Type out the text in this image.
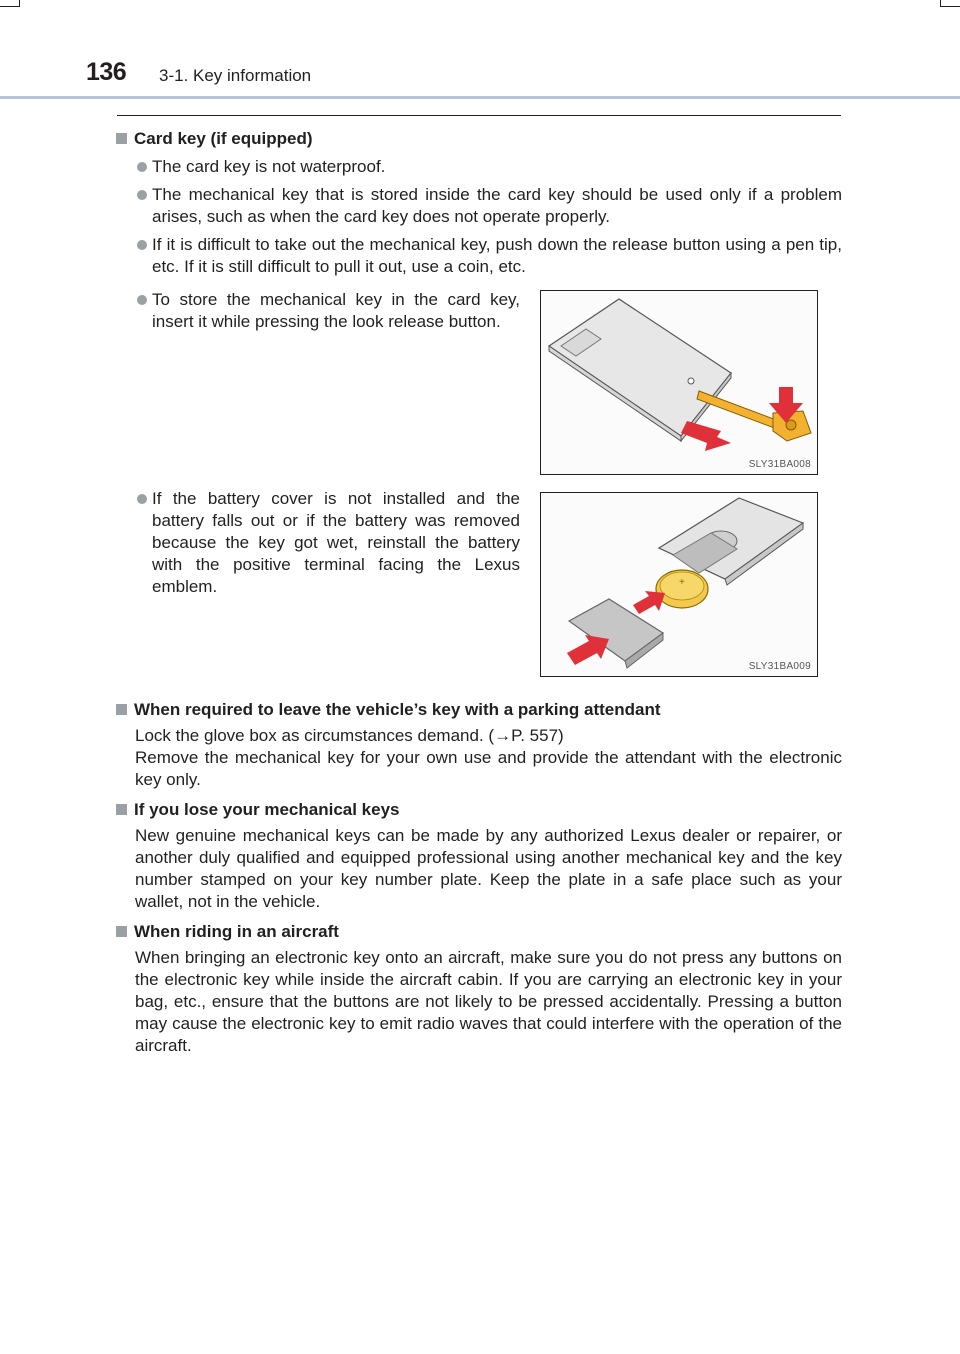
136 3-1. Key information
Card key (if equipped)
The card key is not waterproof.
The mechanical key that is stored inside the card key should be used only if a problem arises, such as when the card key does not operate properly.
If it is difficult to take out the mechanical key, push down the release button using a pen tip, etc. If it is still difficult to pull it out, use a coin, etc.
To store the mechanical key in the card key, insert it while pressing the look release button.
SLY31BA008
If the battery cover is not installed and the battery falls out or if the battery was removed because the key got wet, reinstall the battery with the positive terminal facing the Lexus emblem.	+
SLY31BA009
When required to leave the vehicle’s key with a parking attendant
Lock the glove box as circumstances demand. (→P. 557)
Remove the mechanical key for your own use and provide the attendant with the electronic key only.
If you lose your mechanical keys
New genuine mechanical keys can be made by any authorized Lexus dealer or repairer, or another duly qualified and equipped professional using another mechanical key and the key number stamped on your key number plate. Keep the plate in a safe place such as your wallet, not in the vehicle.
When riding in an aircraft
When bringing an electronic key onto an aircraft, make sure you do not press any buttons on the electronic key while inside the aircraft cabin. If you are carrying an electronic key in your bag, etc., ensure that the buttons are not likely to be pressed accidentally. Pressing a button may cause the electronic key to emit radio waves that could interfere with the operation of the aircraft.
